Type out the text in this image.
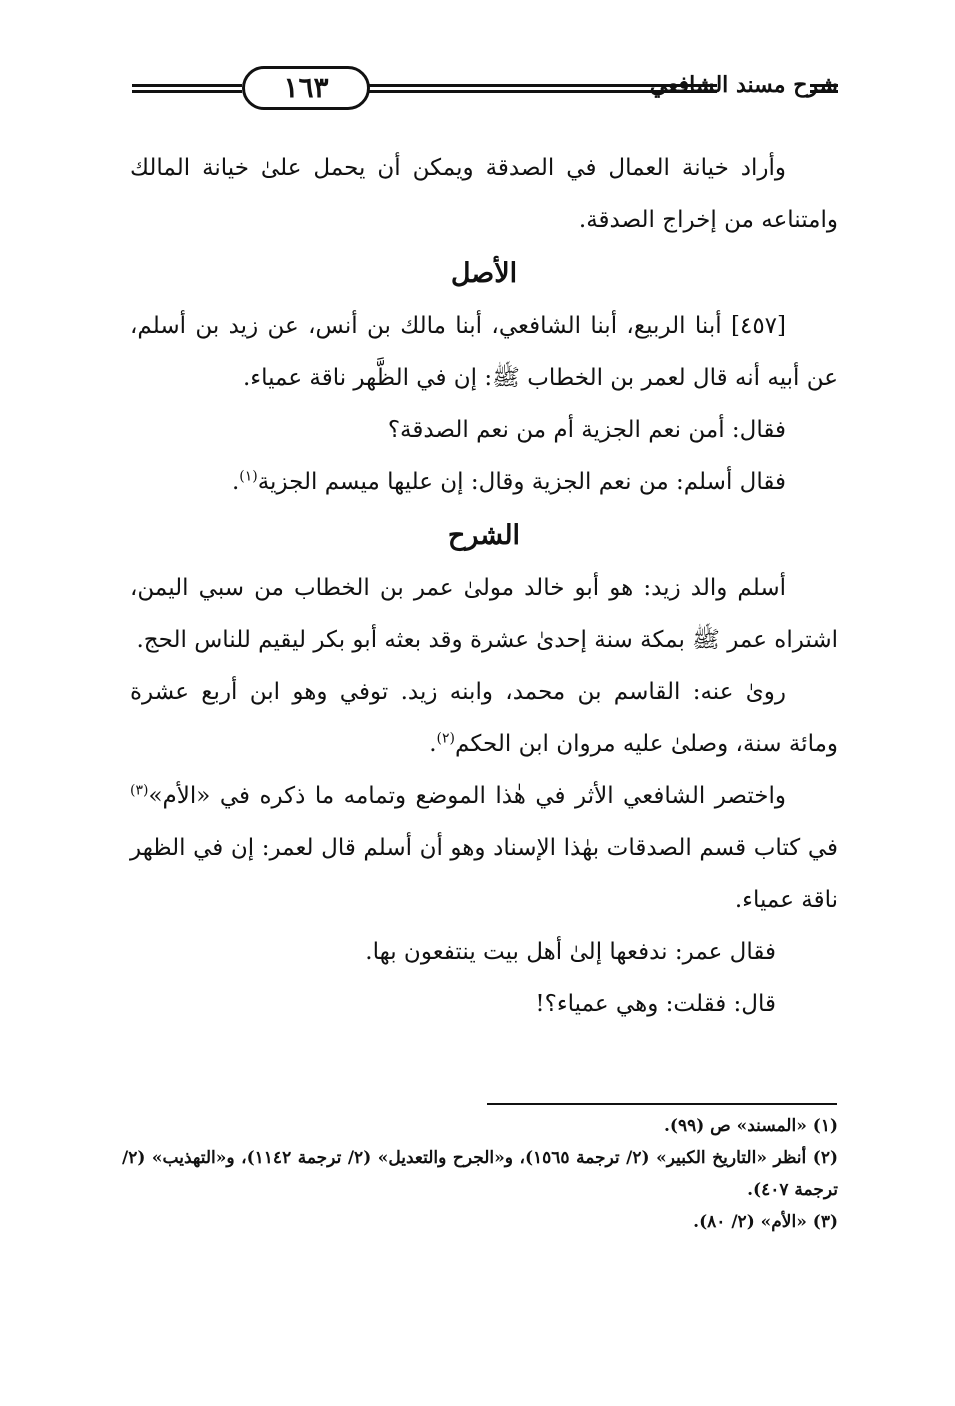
١٦٣	شرح مسند الشافعي

وأراد خيانة العمال في الصدقة ويمكن أن يحمل علىٰ خيانة المالك وامتناعه من إخراج الصدقة.

الأصل

[٤٥٧] أبنا الربيع، أبنا الشافعي، أبنا مالك بن أنس، عن زيد بن أسلم، عن أبيه أنه قال لعمر بن الخطاب ﷺ: إن في الظَّهر ناقة عمياء.

فقال: أمن نعم الجزية أم من نعم الصدقة؟

فقال أسلم: من نعم الجزية وقال: إن عليها ميسم الجزية$^{(١)}$.

الشرح

أسلم والد زيد: هو أبو خالد مولىٰ عمر بن الخطاب من سبي اليمن، اشتراه عمر ﷺ بمكة سنة إحدىٰ عشرة وقد بعثه أبو بكر ليقيم للناس الحج.

رویٰ عنه: القاسم بن محمد، وابنه زيد. توفي وهو ابن أربع عشرة ومائة سنة، وصلىٰ عليه مروان ابن الحكم$^{(٢)}$.

واختصر الشافعي الأثر في هٰذا الموضع وتمامه ما ذكره في «الأم»$^{(٣)}$ في كتاب قسم الصدقات بهٰذا الإسناد وهو أن أسلم قال لعمر: إن في الظهر ناقة عمياء.

فقال عمر: ندفعها إلىٰ أهل بيت ينتفعون بها.

قال: فقلت: وهي عمياء؟!

(١) «المسند» ص (٩٩).

(٢) أنظر «التاريخ الكبير» (٢/ ترجمة ١٥٦٥)، و«الجرح والتعديل» (٢/ ترجمة ١١٤٢)، و«التهذيب» (٢/ ترجمة ٤٠٧).

(٣) «الأم» (٢/ ٨٠).
